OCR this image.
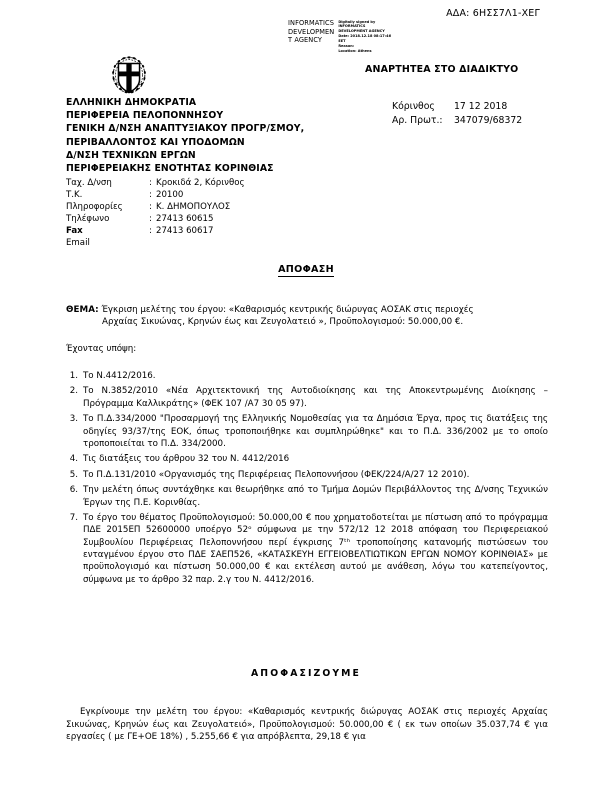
ΑΔΑ: 6ΗΣΣ7Λ1-ΧΕΓ
INFORMATICS
DEVELOPMEN
T AGENCY
Digitally signed by
INFORMATICS
DEVELOPMENT AGENCY
Date: 2018.12.18 08:17:46
EET
Reason:
Location: Athens
ΑΝΑΡΤΗΤΕΑ ΣΤΟ ΔΙΑΔΙΚΤΥΟ
ΕΛΛΗΝΙΚΗ ΔΗΜΟΚΡΑΤΙΑ
ΠΕΡΙΦΕΡΕΙΑ ΠΕΛΟΠΟΝΝΗΣΟΥ
ΓΕΝΙΚΗ Δ/ΝΣΗ ΑΝΑΠΤΥΞΙΑΚΟΥ ΠΡΟΓΡ/ΣΜΟΥ,
ΠΕΡΙΒΑΛΛΟΝΤΟΣ ΚΑΙ ΥΠΟΔΟΜΩΝ
Δ/ΝΣΗ ΤΕΧΝΙΚΩΝ ΕΡΓΩΝ
ΠΕΡΙΦΕΡΕΙΑΚΗΣ ΕΝΟΤΗΤΑΣ ΚΟΡΙΝΘΙΑΣ
Κόρινθος	17 12 2018
Αρ. Πρωτ.:	347079/68372
Ταχ. Δ/νση	: Κροκιδά 2, Κόρινθος
Τ.Κ.	: 20100
Πληροφορίες	: Κ. ΔΗΜΟΠΟΥΛΟΣ
Τηλέφωνο	: 27413 60615
Fax	: 27413 60617
Email
ΑΠΟΦΑΣΗ
ΘΕΜΑ: Έγκριση μελέτης του έργου: «Καθαρισμός κεντρικής διώρυγας ΑΟΣΑΚ στις περιοχές
Αρχαίας Σικυώνας, Κρηνών έως και Ζευγολατειό », Προϋπολογισμού: 50.000,00 €.
Έχοντας υπόψη:
1. Το Ν.4412/2016.
2. Το Ν.3852/2010 «Νέα Αρχιτεκτονική της Αυτοδιοίκησης και της Αποκεντρωμένης Διοίκησης – Πρόγραμμα Καλλικράτης» (ΦΕΚ 107 /Α7 30 05 97).
3. Το Π.Δ.334/2000 "Προσαρμογή της Ελληνικής Νομοθεσίας για τα Δημόσια Έργα, προς τις διατάξεις της οδηγίες 93/37/της ΕΟΚ, όπως τροποποιήθηκε και συμπληρώθηκε" και το Π.Δ. 336/2002 με το οποίο τροποποιείται το Π.Δ. 334/2000.
4. Τις διατάξεις του άρθρου 32 του Ν. 4412/2016
5. Το Π.Δ.131/2010 «Οργανισμός της Περιφέρειας Πελοποννήσου (ΦΕΚ/224/Α/27 12 2010).
6. Την μελέτη όπως συντάχθηκε και θεωρήθηκε από το Τμήμα Δομών Περιβάλλοντος της Δ/νσης Τεχνικών Έργων της Π.Ε. Κορινθίας.
7. Το έργο του θέματος Προϋπολογισμού: 50.000,00 € που χρηματοδοτείται με πίστωση από το πρόγραμμα ΠΔΕ 2015ΕΠ 52600000 υποέργο 52ᵒ σύμφωνα με την 572/12 12 2018 απόφαση του Περιφερειακού Συμβουλίου Περιφέρειας Πελοποννήσου περί έγκρισης 7ᵗʰ τροποποίησης κατανομής πιστώσεων του ενταγμένου έργου στο ΠΔΕ ΣΑΕΠ526, «ΚΑΤΑΣΚΕΥΗ ΕΓΓΕΙΟΒΕΛΤΙΩΤΙΚΩΝ ΕΡΓΩΝ ΝΟΜΟΥ ΚΟΡΙΝΘΙΑΣ» με προϋπολογισμό και πίστωση 50.000,00 € και εκτέλεση αυτού με ανάθεση, λόγω του κατεπείγοντος, σύμφωνα με το άρθρο 32 παρ. 2.γ του Ν. 4412/2016.
ΑΠΟΦΑΣΙΖΟΥΜΕ
Εγκρίνουμε την μελέτη του έργου: «Καθαρισμός κεντρικής διώρυγας ΑΟΣΑΚ στις περιοχές Αρχαίας Σικυώνας, Κρηνών έως και Ζευγολατειό», Προϋπολογισμού: 50.000,00 € ( εκ των οποίων 35.037,74 € για εργασίες ( με ΓΕ+ΟΕ 18%) , 5.255,66 € για απρόβλεπτα, 29,18 € για
